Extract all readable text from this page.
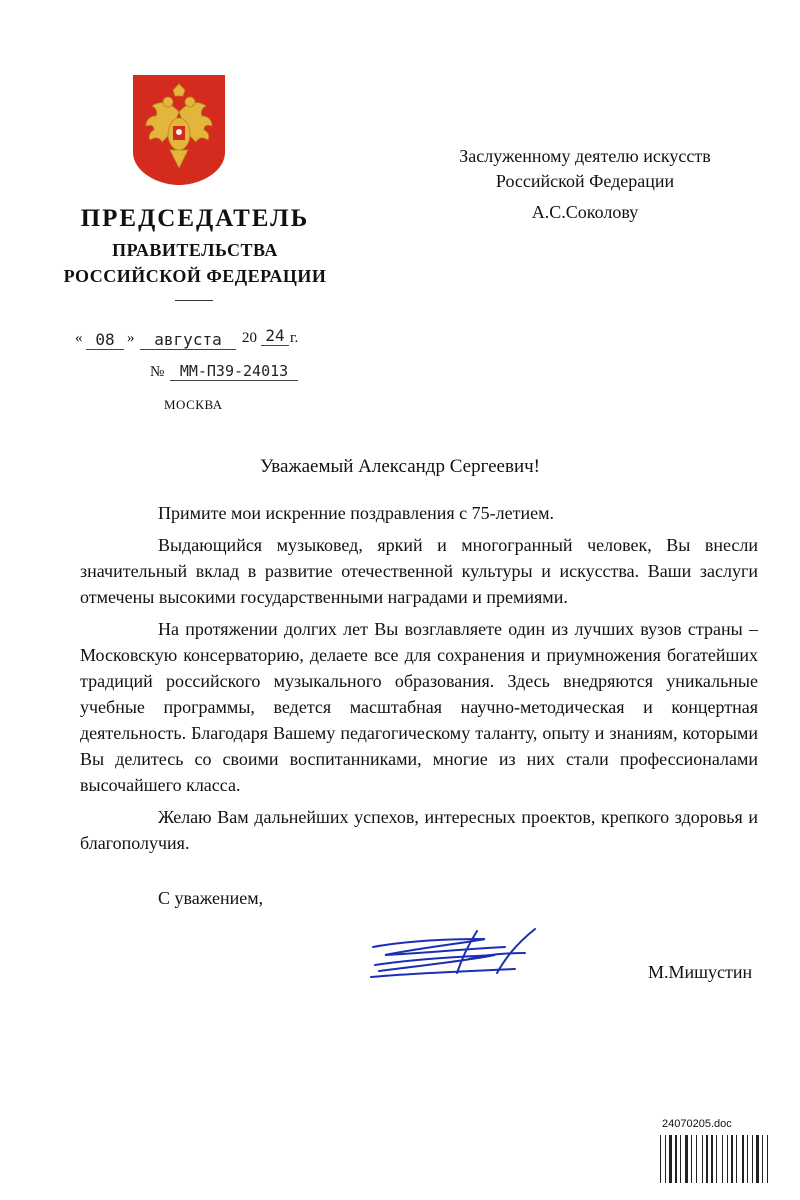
ПРЕДСЕДАТЕЛЬ
ПРАВИТЕЛЬСТВА
РОССИЙСКОЙ ФЕДЕРАЦИИ
« 08 »	августа	20 24 г.
№	ММ-П39-24013
МОСКВА
Заслуженному деятелю искусств
Российской Федерации
А.С.Соколову
Уважаемый Александр Сергеевич!

Примите мои искренние поздравления с 75-летием.

Выдающийся музыковед, яркий и многогранный человек, Вы внесли значительный вклад в развитие отечественной культуры и искусства. Ваши заслуги отмечены высокими государственными наградами и премиями.

На протяжении долгих лет Вы возглавляете один из лучших вузов страны – Московскую консерваторию, делаете все для сохранения и приумножения богатейших традиций российского музыкального образования. Здесь внедряются уникальные учебные программы, ведется масштабная научно-методическая и концертная деятельность. Благодаря Вашему педагогическому таланту, опыту и знаниям, которыми Вы делитесь со своими воспитанниками, многие из них стали профессионалами высочайшего класса.

Желаю Вам дальнейших успехов, интересных проектов, крепкого здоровья и благополучия.

С уважением,
М.Мишустин
24070205.doc
